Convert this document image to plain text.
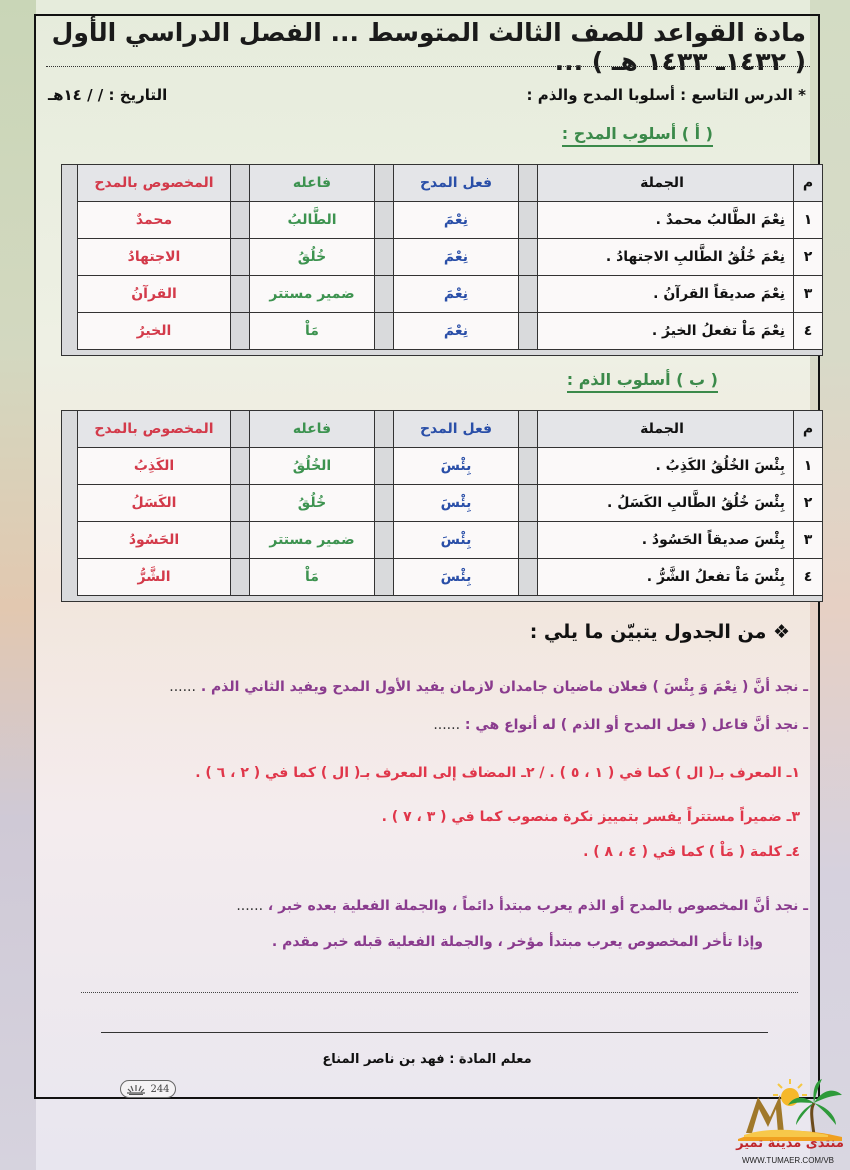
مادة القواعد للصف الثالث المتوسط ... الفصل الدراسي الأول ( ١٤٣٢ـ ١٤٣٣ هـ ) ...
* الدرس التاسع : أسلوبا المدح والذم :
التاريخ : / / ١٤هـ
( أ ) أسلوب المدح :
م	الجملة		فعل المدح		فاعله		المخصوص بالمدح
١	نِعْمَ الطَّالبُ محمدٌ .		نِعْمَ		الطَّالبُ		محمدٌ
٢	نِعْمَ خُلُقُ الطَّالبِ الاجتهادُ .		نِعْمَ		خُلُقُ		الاجتهادُ
٣	نِعْمَ صديقاً القرآنُ .		نِعْمَ		ضمير مستتر		القرآنُ
٤	نِعْمَ مَاْ تفعلُ الخيرُ .		نِعْمَ		مَاْ		الخيرُ
( ب ) أسلوب الذم :
م	الجملة		فعل المدح		فاعله		المخصوص بالمدح
١	بِئْسَ الخُلُقُ الكَذِبُ .		بِئْسَ		الخُلُقُ		الكَذِبُ
٢	بِئْسَ خُلُقُ الطَّالبِ الكَسَلُ .		بِئْسَ		خُلُقُ		الكَسَلُ
٣	بِئْسَ صديقاً الحَسُودُ .		بِئْسَ		ضمير مستتر		الحَسُودُ
٤	بِئْسَ مَاْ تفعلُ الشَّرُّ .		بِئْسَ		مَاْ		الشَّرُّ
❖ من الجدول يتبيّن ما يلي :
ـ نجد أنَّ ( نِعْمَ وَ بِئْسَ ) فعلان ماضيان جامدان لازمان يفيد الأول المدح ويفيد الثاني الذم . ......
ـ نجد أنَّ فاعل ( فعل المدح أو الذم ) له أنواع هي : ......
١ـ المعرف بـ( ال ) كما في ( ١ ، ٥ ) . / ٢ـ المضاف إلى المعرف بـ( ال ) كما في ( ٢ ، ٦ ) .
٣ـ ضميراً مستتراً يفسر بتمييز نكرة منصوب كما في ( ٣ ، ٧ ) .
٤ـ كلمة ( مَاْ ) كما في ( ٤ ، ٨ ) .
ـ نجد أنَّ المخصوص بالمدح أو الذم يعرب مبتدأ دائماً ، والجملة الفعلية بعده خبر ، ......
وإذا تأخر المخصوص يعرب مبتدأ مؤخر ، والجملة الفعلية قبله خبر مقدم .
معلم المادة : فهد بن ناصر المناع
244
منتدى مدينة تمير
WWW.TUMAER.COM/VB
